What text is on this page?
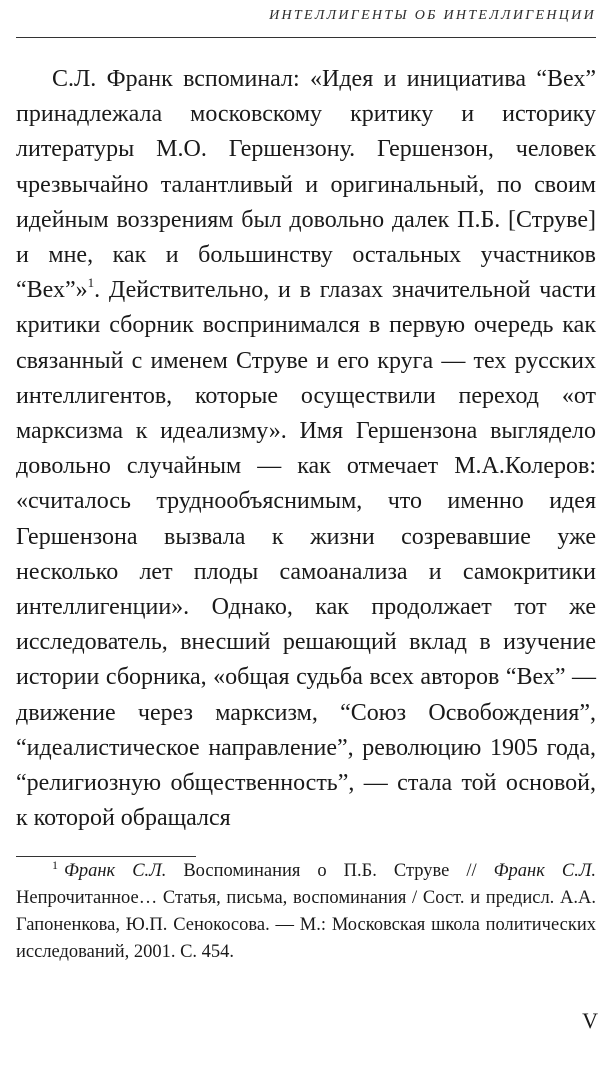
ИНТЕЛЛИГЕНТЫ ОБ ИНТЕЛЛИГЕНЦИИ

С.Л. Франк вспоминал: «Идея и инициатива “Вех” принадлежала московскому критику и историку литературы М.О. Гершензону. Гершензон, человек чрезвычайно талантливый и оригинальный, по своим идейным воззрениям был довольно далек П.Б. [Струве] и мне, как и большинству остальных участников “Вех”»$^1$. Действительно, и в глазах значительной части критики сборник воспринимался в первую очередь как связанный с именем Струве и его круга — тех русских интеллигентов, которые осуществили переход «от марксизма к идеализму». Имя Гершензона выглядело довольно случайным — как отмечает М.А.Колеров: «считалось труднообъяснимым, что именно идея Гершензона вызвала к жизни созревавшие уже несколько лет плоды самоанализа и самокритики интеллигенции». Однако, как продолжает тот же исследователь, внесший решающий вклад в изучение истории сборника, «общая судьба всех авторов “Вех” — движение через марксизм, “Союз Освобождения”, “идеалистическое направление”, революцию 1905 года, “религиозную общественность”, — стала той основой, к которой обращался

$^1$ Франк С.Л. Воспоминания о П.Б. Струве // Франк С.Л. Непрочитанное… Статья, письма, воспоминания / Сост. и предисл. А.А. Гапоненкова, Ю.П. Сенокосова. — М.: Московская школа политических исследований, 2001. С. 454.

V
